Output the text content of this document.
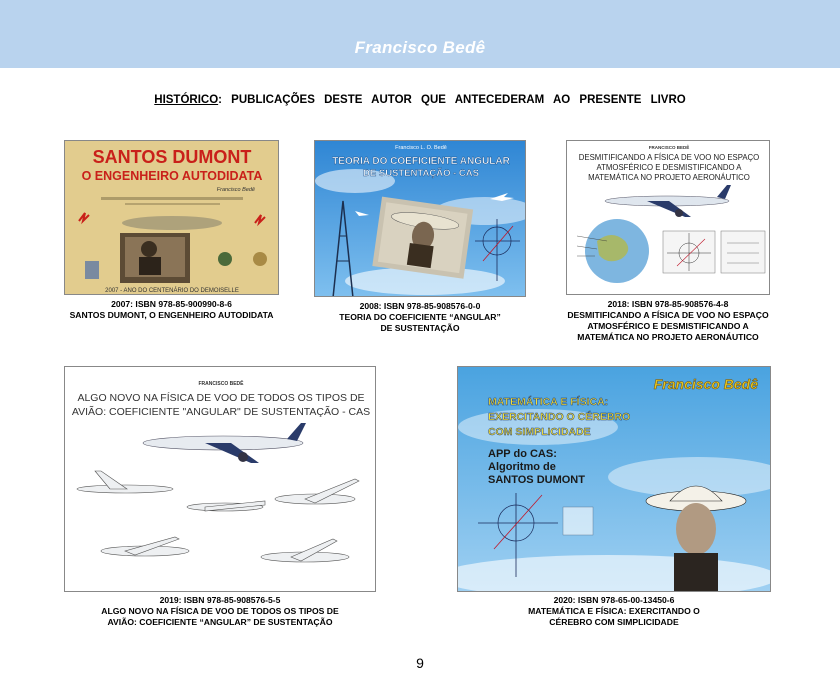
Francisco Bedê
HISTÓRICO: PUBLICAÇÕES DESTE AUTOR QUE ANTECEDERAM AO PRESENTE LIVRO
SANTOS DUMONT
O ENGENHEIRO AUTODIDATA
Francisco Bedê
2007 - ANO DO CENTENÁRIO DO DEMOISELLE
2007: ISBN 978-85-900990-8-6
SANTOS DUMONT, O ENGENHEIRO AUTODIDATA
Francisco L. O. Bedê
TEORIA DO COEFICIENTE ANGULAR
DE SUSTENTAÇÃO - CAS
2008: ISBN 978-85-908576-0-0
TEORIA DO COEFICIENTE “ANGULAR”
DE SUSTENTAÇÃO
FRANCISCO BEDÊ
DESMITIFICANDO A FÍSICA DE VOO NO ESPAÇO
ATMOSFÉRICO E DESMISTIFICANDO A
MATEMÁTICA NO PROJETO AERONÁUTICO
2018: ISBN 978-85-908576-4-8
DESMITIFICANDO A FÍSICA DE VOO NO ESPAÇO
ATMOSFÉRICO E DESMISTIFICANDO A
MATEMÁTICA NO PROJETO AERONÁUTICO
FRANCISCO BEDÊ
ALGO NOVO NA FÍSICA DE VOO DE TODOS OS TIPOS DE
AVIÃO: COEFICIENTE "ANGULAR" DE SUSTENTAÇÃO - CAS
2019: ISBN 978-85-908576-5-5
ALGO NOVO NA FÍSICA DE VOO DE TODOS OS TIPOS DE
AVIÃO: COEFICIENTE “ANGULAR” DE SUSTENTAÇÃO
Francisco Bedê
MATEMÁTICA E FÍSICA:
EXERCITANDO O CÉREBRO
COM SIMPLICIDADE
APP do CAS:
Algoritmo de
SANTOS DUMONT
2020: ISBN 978-65-00-13450-6
MATEMÁTICA E FÍSICA: EXERCITANDO O
CÉREBRO COM SIMPLICIDADE
9
